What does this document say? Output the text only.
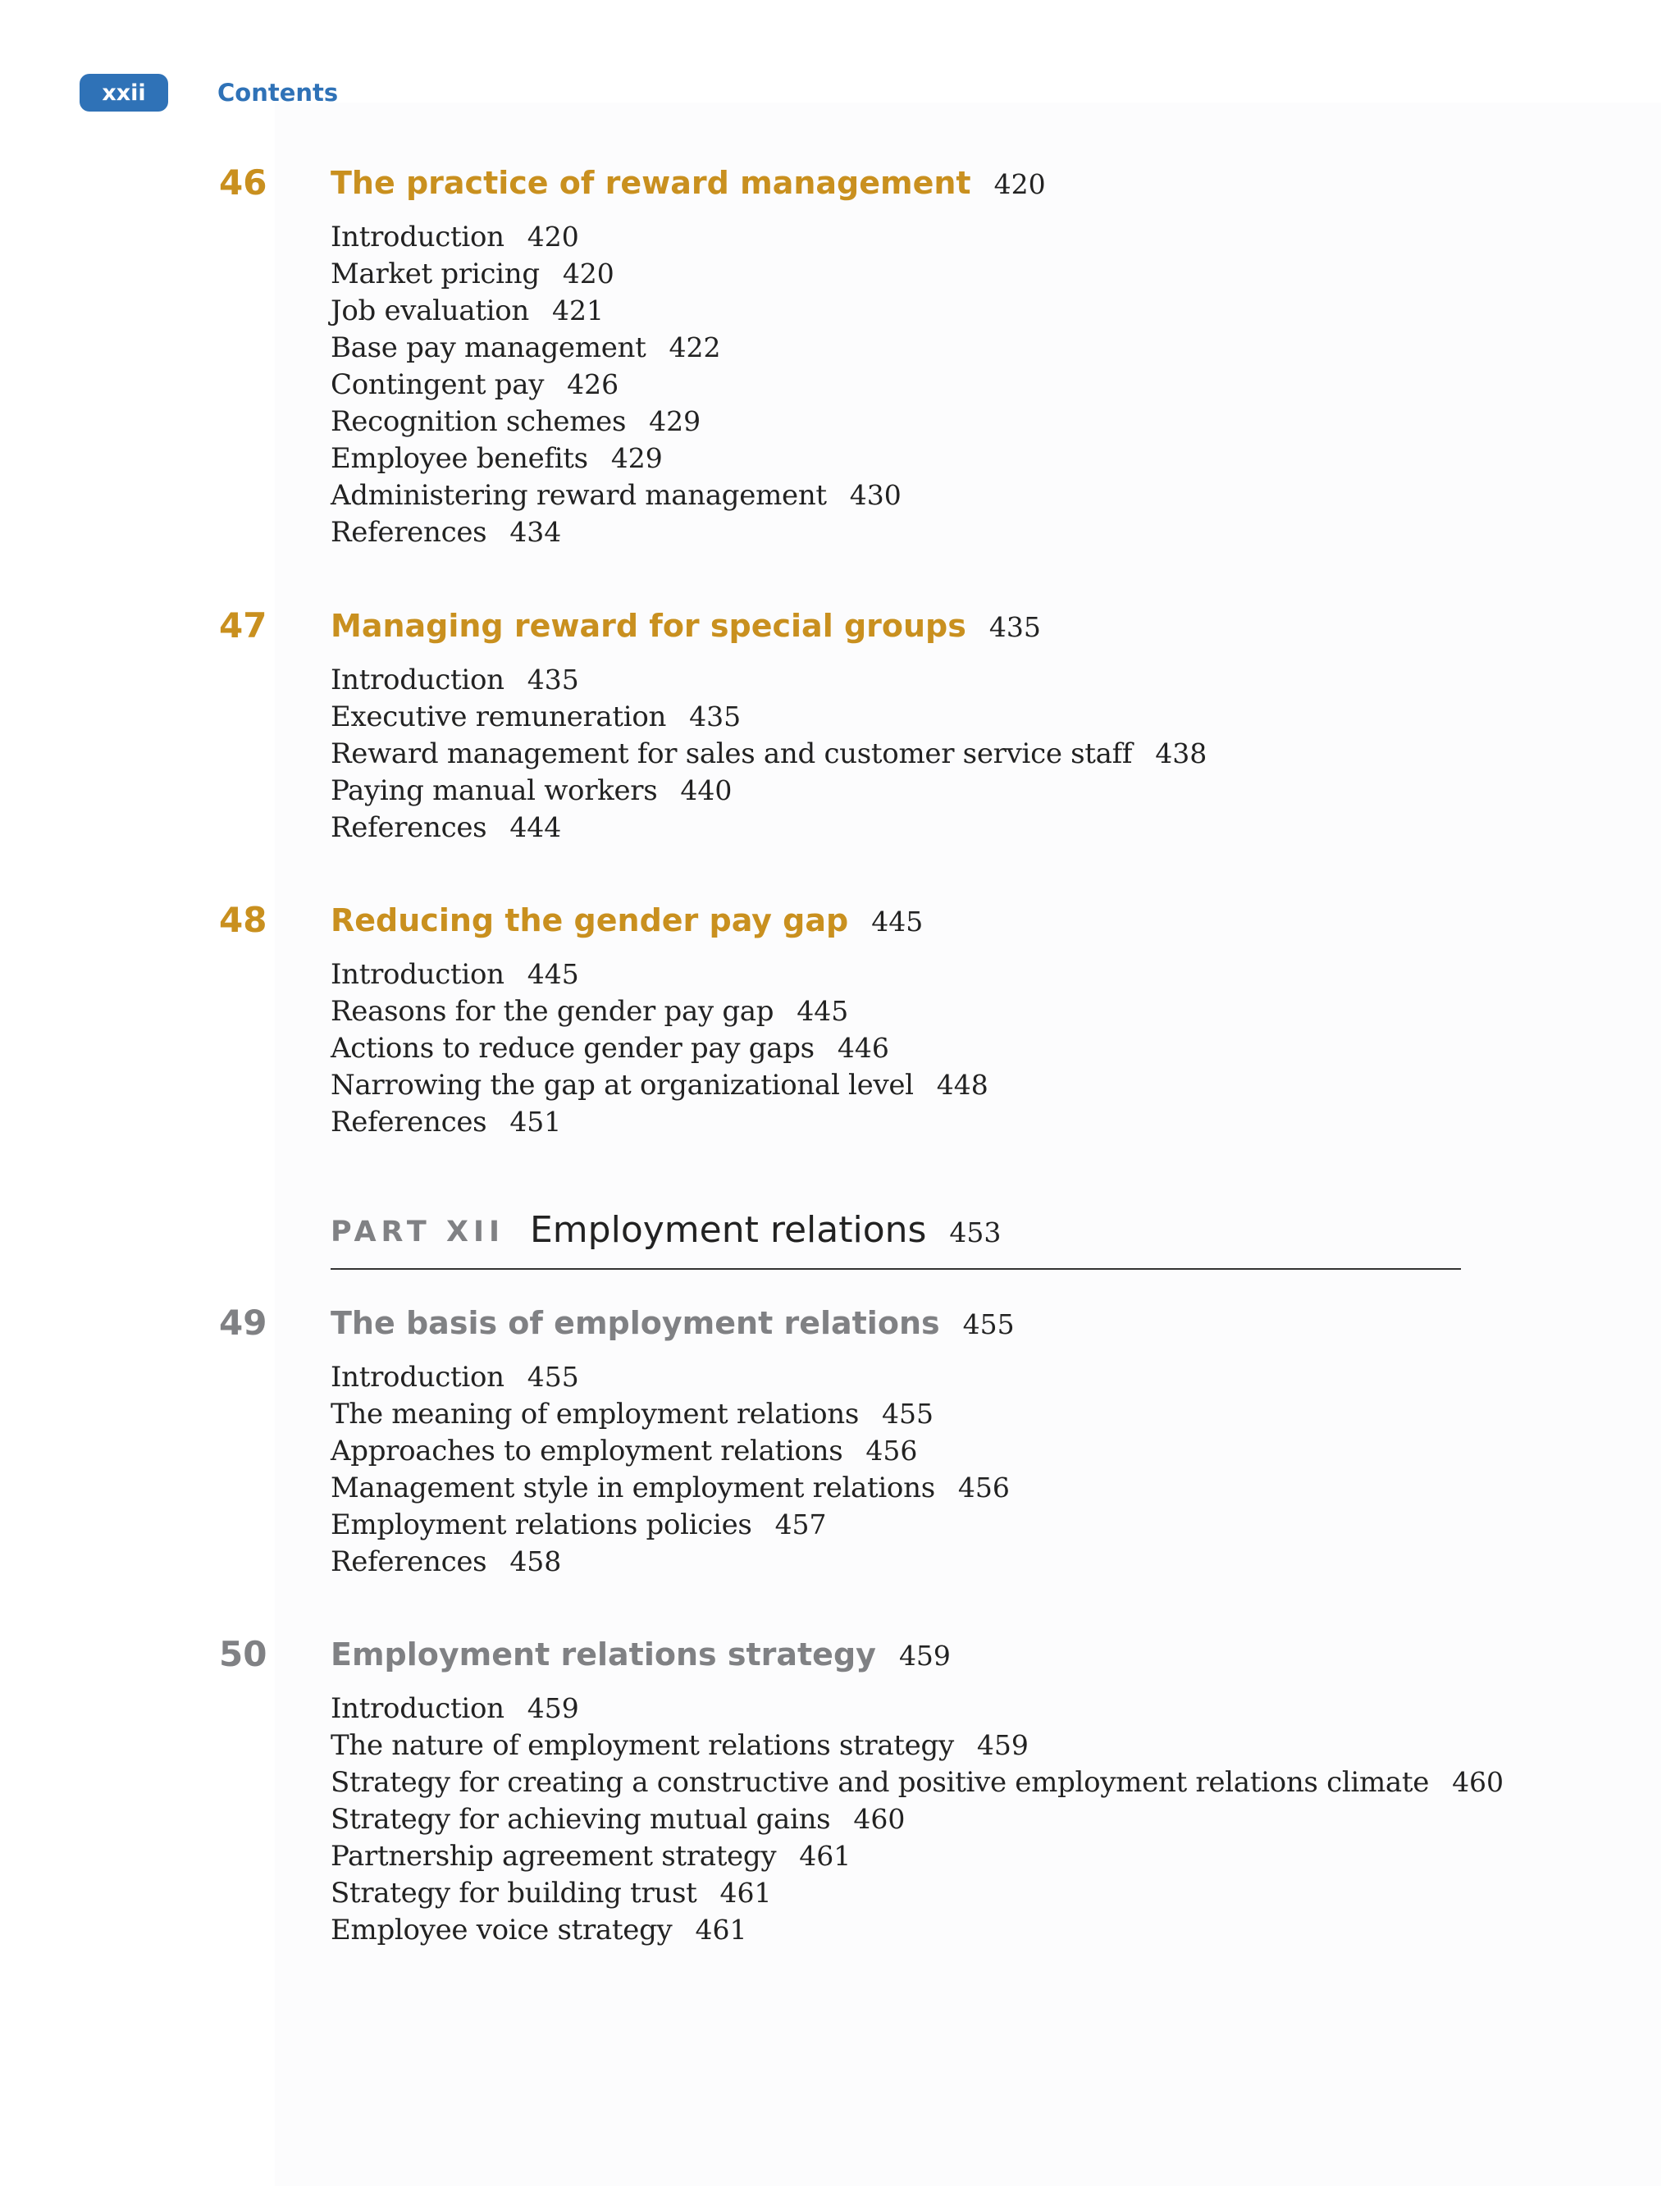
xxii	Contents
46 The practice of reward management 420
Introduction 420
Market pricing 420
Job evaluation 421
Base pay management 422
Contingent pay 426
Recognition schemes 429
Employee benefits 429
Administering reward management 430
References 434
47 Managing reward for special groups 435
Introduction 435
Executive remuneration 435
Reward management for sales and customer service staff 438
Paying manual workers 440
References 444
48 Reducing the gender pay gap 445
Introduction 445
Reasons for the gender pay gap 445
Actions to reduce gender pay gaps 446
Narrowing the gap at organizational level 448
References 451
PART XII Employment relations 453
49 The basis of employment relations 455
Introduction 455
The meaning of employment relations 455
Approaches to employment relations 456
Management style in employment relations 456
Employment relations policies 457
References 458
50 Employment relations strategy 459
Introduction 459
The nature of employment relations strategy 459
Strategy for creating a constructive and positive employment relations climate 460
Strategy for achieving mutual gains 460
Partnership agreement strategy 461
Strategy for building trust 461
Employee voice strategy 461
